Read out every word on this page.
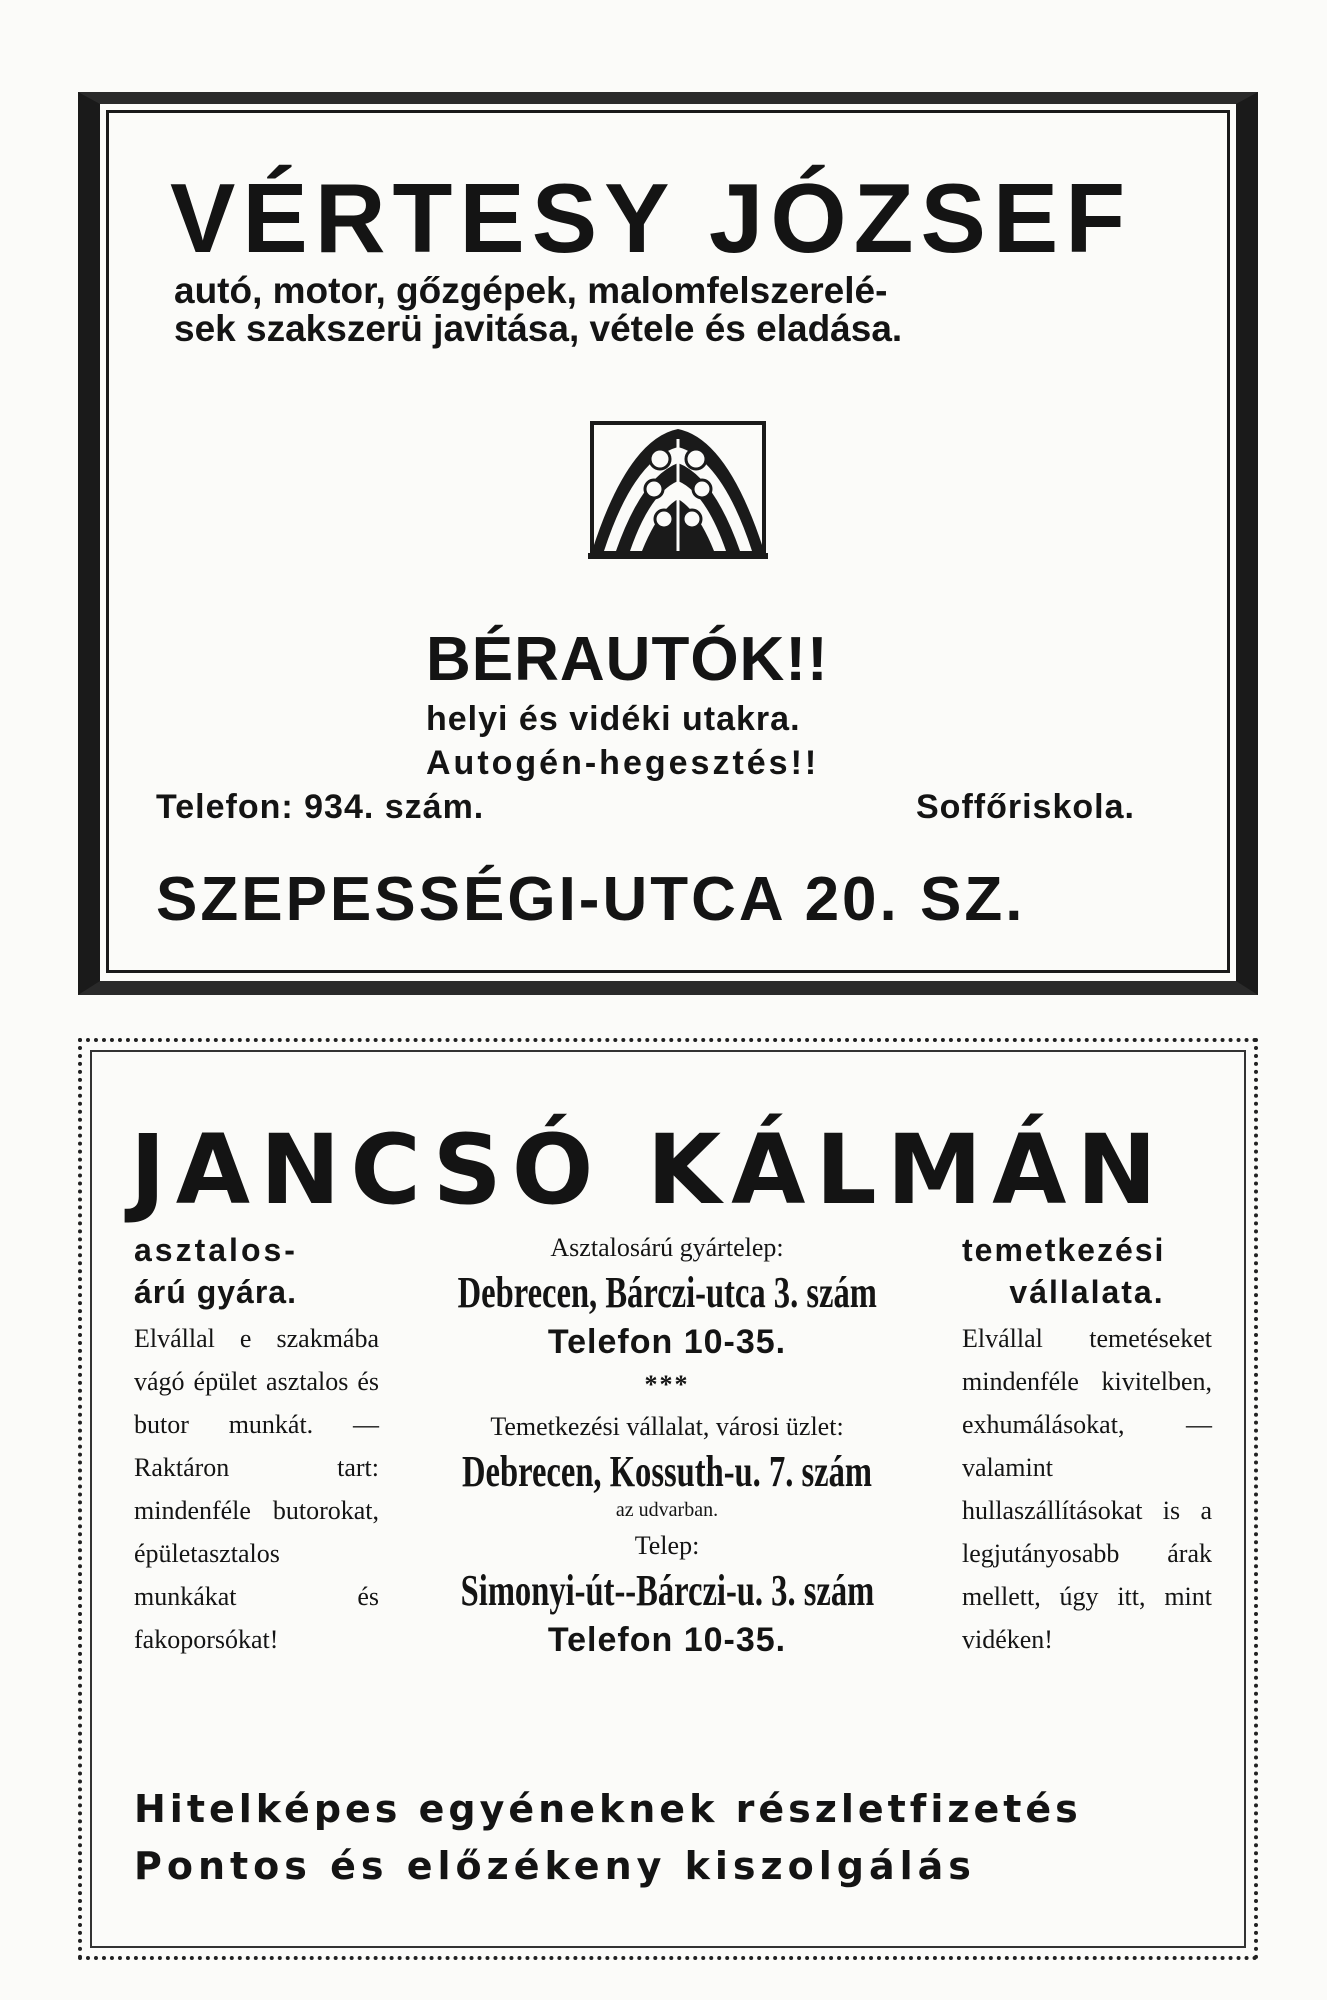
VÉRTESY JÓZSEF
autó, motor, gőzgépek, malomfelszerelé-
sek szakszerü javitása, vétele és eladása.
BÉRAUTÓK!!
helyi és vidéki utakra.
Autogén-hegesztés!!
Telefon: 934. szám.	Soffőriskola.
SZEPESSÉGI-UTCA 20. SZ.
JANCSÓ KÁLMÁN
asztalos-
árú gyára.
Elvállal e szakmába vágó épület asztalos és butor munkát. — Raktáron tart: mindenféle butorokat, épületasztalos munkákat és fakoporsókat!
Asztalosárú gyártelep:
Debrecen, Bárczi-utca 3. szám
Telefon 10-35.
***
Temetkezési vállalat, városi üzlet:
Debrecen, Kossuth-u. 7. szám
az udvarban.
Telep:
Simonyi-út--Bárczi-u. 3. szám
Telefon 10-35.
temetkezési
vállalata.
Elvállal temetéseket mindenféle kivitelben, exhumálásokat, — valamint hullaszállításokat is a legjutányosabb árak mellett, úgy itt, mint vidéken!
Hitelképes egyéneknek részletfizetés
Pontos és előzékeny kiszolgálás
